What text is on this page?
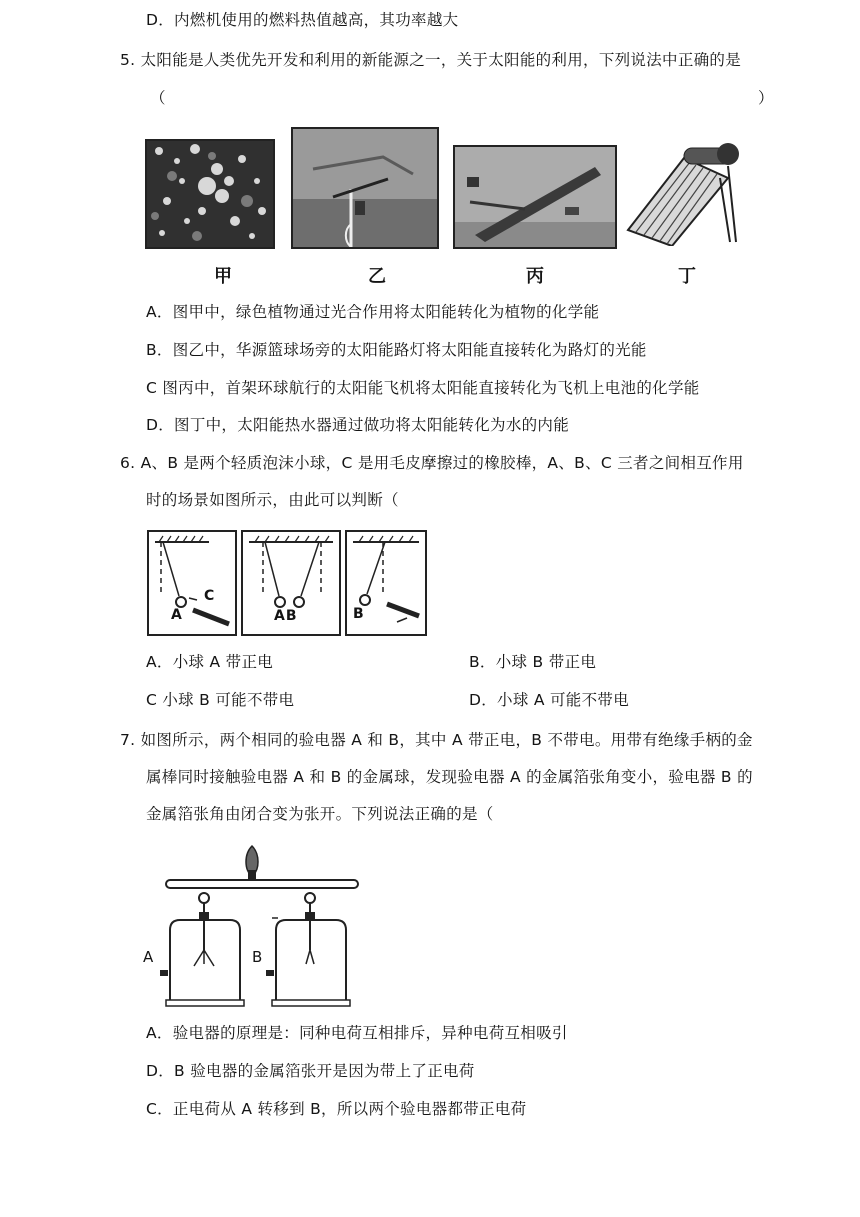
D．内燃机使用的燃料热值越高，其功率越大
5. 太阳能是人类优先开发和利用的新能源之一，关于太阳能的利用，下列说法中正确的是
（	）
甲	乙	丙	丁
A．图甲中，绿色植物通过光合作用将太阳能转化为植物的化学能
B．图乙中，华源篮球场旁的太阳能路灯将太阳能直接转化为路灯的光能
C 图丙中，首架环球航行的太阳能飞机将太阳能直接转化为飞机上电池的化学能
D．图丁中，太阳能热水器通过做功将太阳能转化为水的内能
6. A、B 是两个轻质泡沫小球，C 是用毛皮摩擦过的橡胶棒，A、B、C 三者之间相互作用
时的场景如图所示，由此可以判断（
A
C
AB	B
A．小球 A 带正电	B．小球 B 带正电
C 小球 B 可能不带电	D．小球 A 可能不带电
7. 如图所示，两个相同的验电器 A 和 B，其中 A 带正电，B 不带电。用带有绝缘手柄的金
属棒同时接触验电器 A 和 B 的金属球，发现验电器 A 的金属箔张角变小，验电器 B 的
金属箔张角由闭合变为张开。下列说法正确的是（
A	B
A．验电器的原理是：同种电荷互相排斥，异种电荷互相吸引
D．B 验电器的金属箔张开是因为带上了正电荷
C．正电荷从 A 转移到 B，所以两个验电器都带正电荷
